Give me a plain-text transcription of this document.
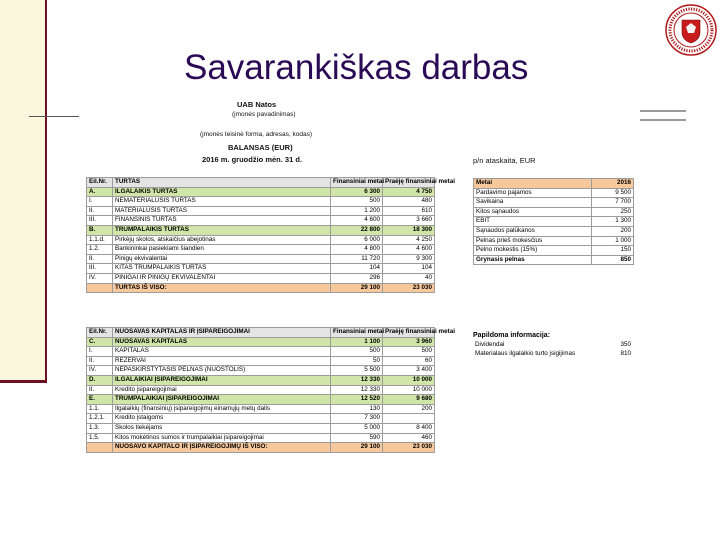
Savarankiškas darbas
UAB Natos
(įmonės pavadinimas)
(įmonės teisinė forma, adresas, kodas)
BALANSAS (EUR)
2016 m. gruodžio mėn. 31 d.	p/n ataskaita, EUR
Eil.Nr.	TURTAS	Finansiniai metai	Praėję finansiniai metai
A.	ILGALAIKIS TURTAS	6 300	4 750
I.	NEMATERIALUSIS TURTAS	500	480
II.	MATERIALUSIS TURTAS	1 200	610
III.	FINANSINIS TURTAS	4 600	3 660
B.	TRUMPALAIKIS TURTAS	22 800	18 300
1.1.d.	Pirkėjų skolos, atskaičius abejotinas	6 000	4 250
1.2.	Bankininkai pasiekiami šiandien	4 800	4 600
II.	Pinigų ekvivalentai	11 720	9 300
III.	KITAS TRUMPALAIKIS TURTAS	104	104
IV.	PINIGAI IR PINIGŲ EKVIVALENTAI	296	40
	TURTAS IŠ VISO:	29 100	23 030
Eil.Nr.	NUOSAVAS KAPITALAS IR ĮSIPAREIGOJIMAI	Finansiniai metai	Praėję finansiniai metai
C.	NUOSAVAS KAPITALAS	1 100	3 960
I.	KAPITALAS	500	500
II.	REZERVAI	50	60
IV.	NEPASKIRSTYTASIS PELNAS (NUOSTOLIS)	5 500	3 400
D.	ILGALAIKIAI ĮSIPAREIGOJIMAI	12 330	10 000
II.	Kredito įsipareigojimai	12 330	10 000
E.	TRUMPALAIKIAI ĮSIPAREIGOJIMAI	12 520	9 680
1.1.	Ilgalaikių (finansinių) įsipareigojimų einamųjų metų dalis	130	200
1.2.1.	Kredito įstaigoms	7 300	
1.3.	Skolos tiekėjams	5 000	8 400
1.5.	Kitos mokėtinos sumos ir trumpalaikiai įsipareigojimai	590	460
	NUOSAVO KAPITALO IR ĮSIPAREIGOJIMŲ IŠ VISO:	29 100	23 030
Metai	2016
Pardavimo pajamos	9 500
Savikaina	7 700
Kitos sąnaudos	250
EBIT	1 300
Sąnaudos palūkanos	200
Pelnas prieš mokesčius	1 000
Pelno mokestis (15%)	150
Grynasis pelnas	850
Papildoma informacija:
Dividendai	350
Materialaus ilgalaikio turto įsigijimas	810
